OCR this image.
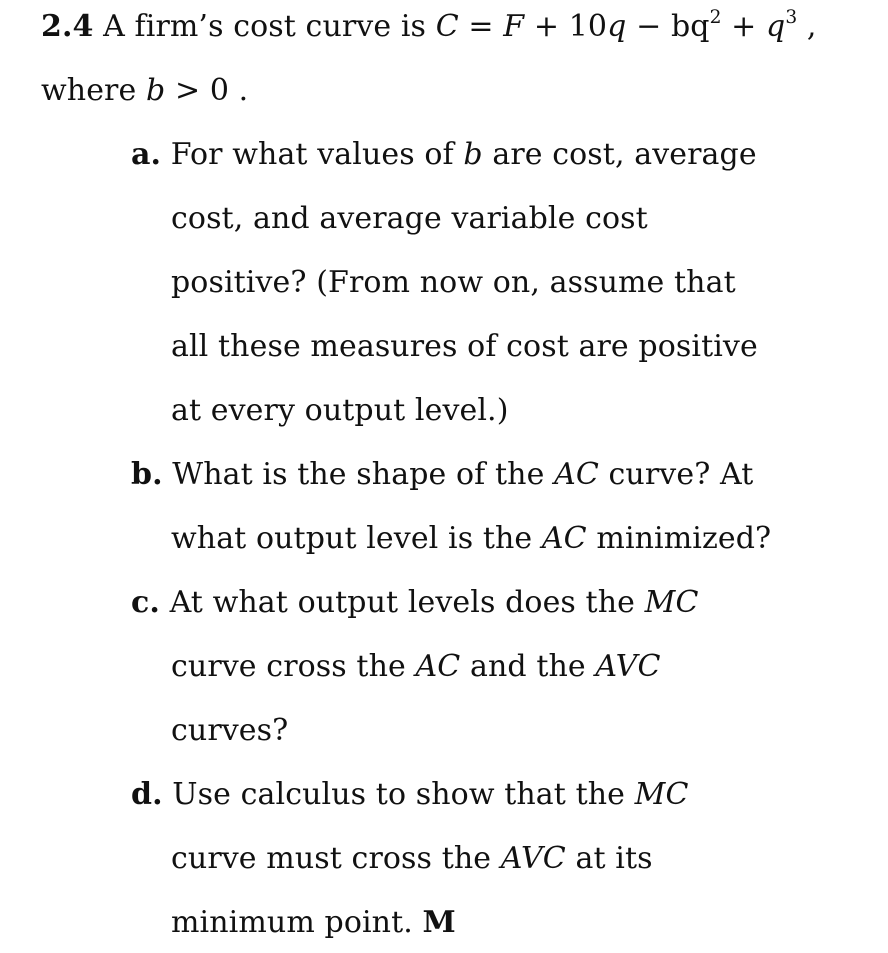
2.4 A firm’s cost curve is $C = F + 10q - bq^2 + q^3$ ,
where b > 0 .
a. For what values of b are cost, average
cost, and average variable cost
positive? (From now on, assume that
all these measures of cost are positive
at every output level.)
b. What is the shape of the AC curve? At
what output level is the AC minimized?
c. At what output levels does the MC
curve cross the AC and the AVC
curves?
d. Use calculus to show that the MC
curve must cross the AVC at its
minimum point. M
